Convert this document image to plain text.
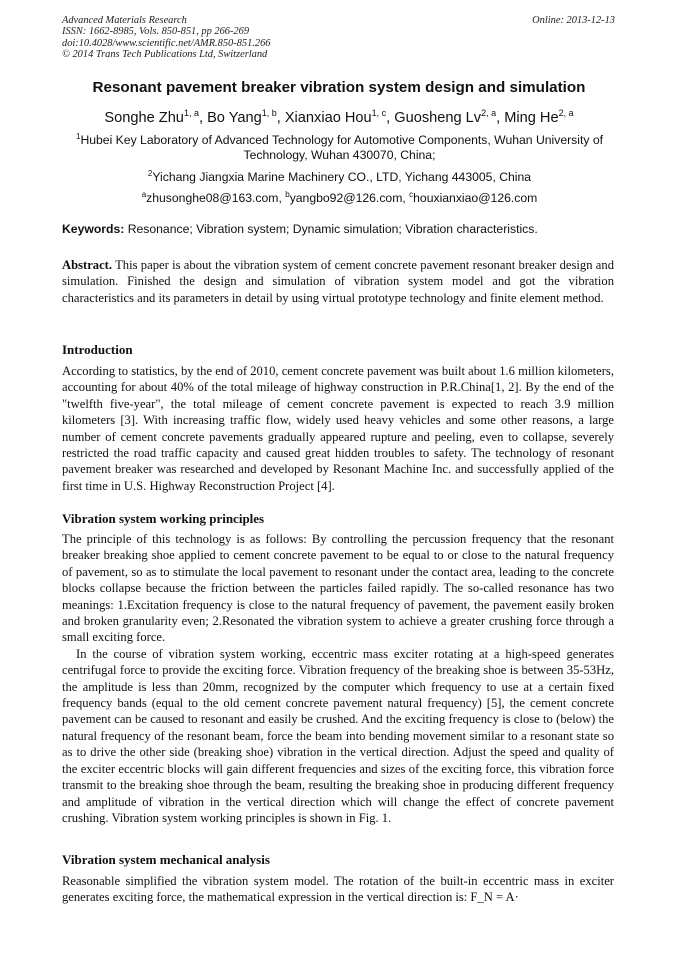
Advanced Materials Research
ISSN: 1662-8985, Vols. 850-851, pp 266-269
doi:10.4028/www.scientific.net/AMR.850-851.266
© 2014 Trans Tech Publications Ltd, Switzerland
Online: 2013-12-13
Resonant pavement breaker vibration system design and simulation
Songhe Zhu$^{1, a}$, Bo Yang$^{1, b}$, Xianxiao Hou$^{1, c}$, Guosheng Lv$^{2, a}$, Ming He$^{2, a}$
$^1$Hubei Key Laboratory of Advanced Technology for Automotive Components, Wuhan University of Technology, Wuhan 430070, China;
$^2$Yichang Jiangxia Marine Machinery CO., LTD, Yichang 443005, China
$^a$zhusonghe08@163.com, $^b$yangbo92@126.com, $^c$houxianxiao@126.com
Keywords: Resonance; Vibration system; Dynamic simulation; Vibration characteristics.

Abstract. This paper is about the vibration system of cement concrete pavement resonant breaker design and simulation. Finished the design and simulation of vibration system model and got the vibration characteristics and its parameters in detail by using virtual prototype technology and finite element method.

Introduction

According to statistics, by the end of 2010, cement concrete pavement was built about 1.6 million kilometers, accounting for about 40% of the total mileage of highway construction in P.R.China[1, 2]. By the end of the "twelfth five-year", the total mileage of cement concrete pavement is expected to reach 3.9 million kilometers [3]. With increasing traffic flow, widely used heavy vehicles and some other reasons, a large number of cement concrete pavements gradually appeared rupture and peeling, even to collapse, severely restricted the road traffic capacity and caused great hidden troubles to safety. The technology of resonant pavement breaker was researched and developed by Resonant Machine Inc. and successfully applied of the first time in U.S. Highway Reconstruction Project [4].

Vibration system working principles

The principle of this technology is as follows: By controlling the percussion frequency that the resonant breaker breaking shoe applied to cement concrete pavement to be equal to or close to the natural frequency of pavement, so as to stimulate the local pavement to resonant under the contact area, leading to the concrete blocks collapse because the friction between the particles failed rapidly. The so-called resonance has two meanings: 1.Excitation frequency is close to the natural frequency of pavement, the pavement easily broken and broken granularity even; 2.Resonated the vibration system to achieve a greater crushing force through a small exciting force.

In the course of vibration system working, eccentric mass exciter rotating at a high-speed generates centrifugal force to provide the exciting force. Vibration frequency of the breaking shoe is between 35-53Hz, the amplitude is less than 20mm, recognized by the computer which frequency to use at a certain fixed frequency bands (equal to the old cement concrete pavement natural frequency) [5], the cement concrete pavement can be caused to resonant and easily be crushed. And the exciting frequency is close to (below) the natural frequency of the resonant beam, force the beam into bending movement similar to a resonant state so as to drive the other side (breaking shoe) vibration in the vertical direction. Adjust the speed and quality of the exciter eccentric blocks will gain different frequencies and sizes of the exciting force, this vibration force transmit to the breaking shoe through the beam, resulting the breaking shoe in producing different frequency and amplitude of vibration in the vertical direction which will change the effect of concrete pavement crushing. Vibration system working principles is shown in Fig. 1.

Vibration system mechanical analysis

Reasonable simplified the vibration system model. The rotation of the built-in eccentric mass in exciter generates exciting force, the mathematical expression in the vertical direction is: F_N = A·
